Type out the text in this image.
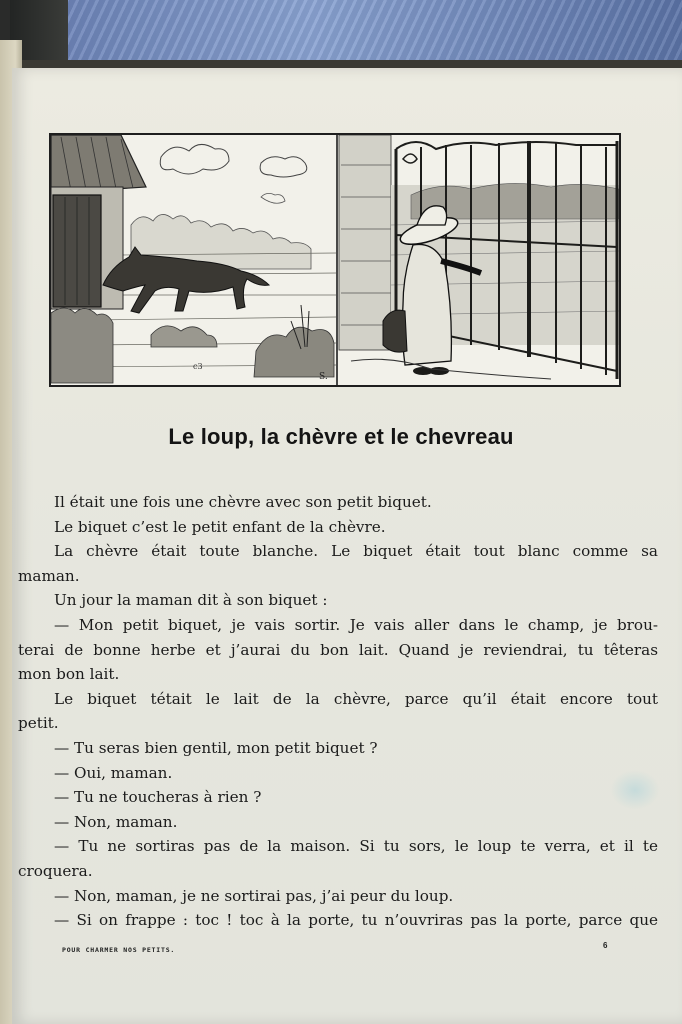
c3
S.
Le loup, la chèvre et le chevreau

Il était une fois une chèvre avec son petit biquet.

Le biquet c’est le petit enfant de la chèvre.

La chèvre était toute blanche. Le biquet était tout blanc comme sa

maman.

Un jour la maman dit à son biquet :

— Mon petit biquet, je vais sortir. Je vais aller dans le champ, je brou-

terai de bonne herbe et j’aurai du bon lait. Quand je reviendrai, tu têteras

mon bon lait.

Le biquet tétait le lait de la chèvre, parce qu’il était encore tout

petit.

— Tu seras bien gentil, mon petit biquet ?

— Oui, maman.

— Tu ne toucheras à rien ?

— Non, maman.

— Tu ne sortiras pas de la maison. Si tu sors, le loup te verra, et il te

croquera.

— Non, maman, je ne sortirai pas, j’ai peur du loup.

— Si on frappe : toc ! toc à la porte, tu n’ouvriras pas la porte, parce que

POUR CHARMER NOS PETITS.	6
